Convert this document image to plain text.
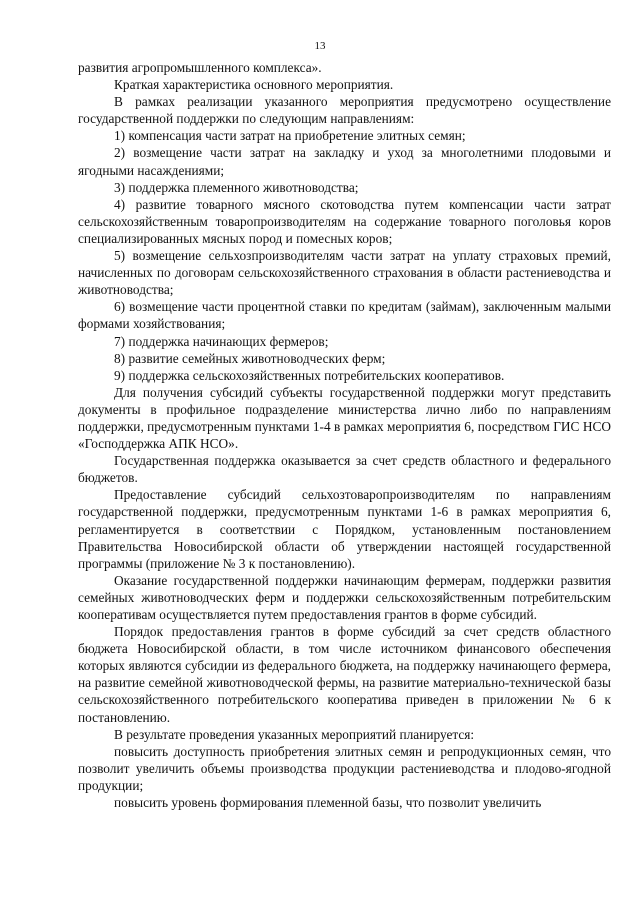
13

развития агропромышленного комплекса».

Краткая характеристика основного мероприятия.

В рамках реализации указанного мероприятия предусмотрено осуществление государственной поддержки по следующим направлениям:

1) компенсация части затрат на приобретение элитных семян;

2) возмещение части затрат на закладку и уход за многолетними плодовыми и ягодными насаждениями;

3) поддержка племенного животноводства;

4) развитие товарного мясного скотоводства путем компенсации части затрат сельскохозяйственным товаропроизводителям на содержание товарного поголовья коров специализированных мясных пород и помесных коров;

5) возмещение сельхозпроизводителям части затрат на уплату страховых премий, начисленных по договорам сельскохозяйственного страхования в области растениеводства и животноводства;

6) возмещение части процентной ставки по кредитам (займам), заключенным малыми формами хозяйствования;

7) поддержка начинающих фермеров;

8) развитие семейных животноводческих ферм;

9) поддержка сельскохозяйственных потребительских кооперативов.

Для получения субсидий субъекты государственной поддержки могут представить документы в профильное подразделение министерства лично либо по направлениям поддержки, предусмотренным пунктами 1-4 в рамках мероприятия 6, посредством ГИС НСО «Господдержка АПК НСО».

Государственная поддержка оказывается за счет средств областного и федерального бюджетов.

Предоставление субсидий сельхозтоваропроизводителям по направлениям государственной поддержки, предусмотренным пунктами 1-6 в рамках мероприятия 6, регламентируется в соответствии с Порядком, установленным постановлением Правительства Новосибирской области об утверждении настоящей государственной программы (приложение № 3 к постановлению).

Оказание государственной поддержки начинающим фермерам, поддержки развития семейных животноводческих ферм и поддержки сельскохозяйственным потребительским кооперативам осуществляется путем предоставления грантов в форме субсидий.

Порядок предоставления грантов в форме субсидий за счет средств областного бюджета Новосибирской области, в том числе источником финансового обеспечения которых являются субсидии из федерального бюджета, на поддержку начинающего фермера, на развитие семейной животноводческой фермы, на развитие материально-технической базы сельскохозяйственного потребительского кооператива приведен в приложении № 6 к постановлению.

В результате проведения указанных мероприятий планируется:

повысить доступность приобретения элитных семян и репродукционных семян, что позволит увеличить объемы производства продукции растениеводства и плодово-ягодной продукции;

повысить уровень формирования племенной базы, что позволит увеличить
